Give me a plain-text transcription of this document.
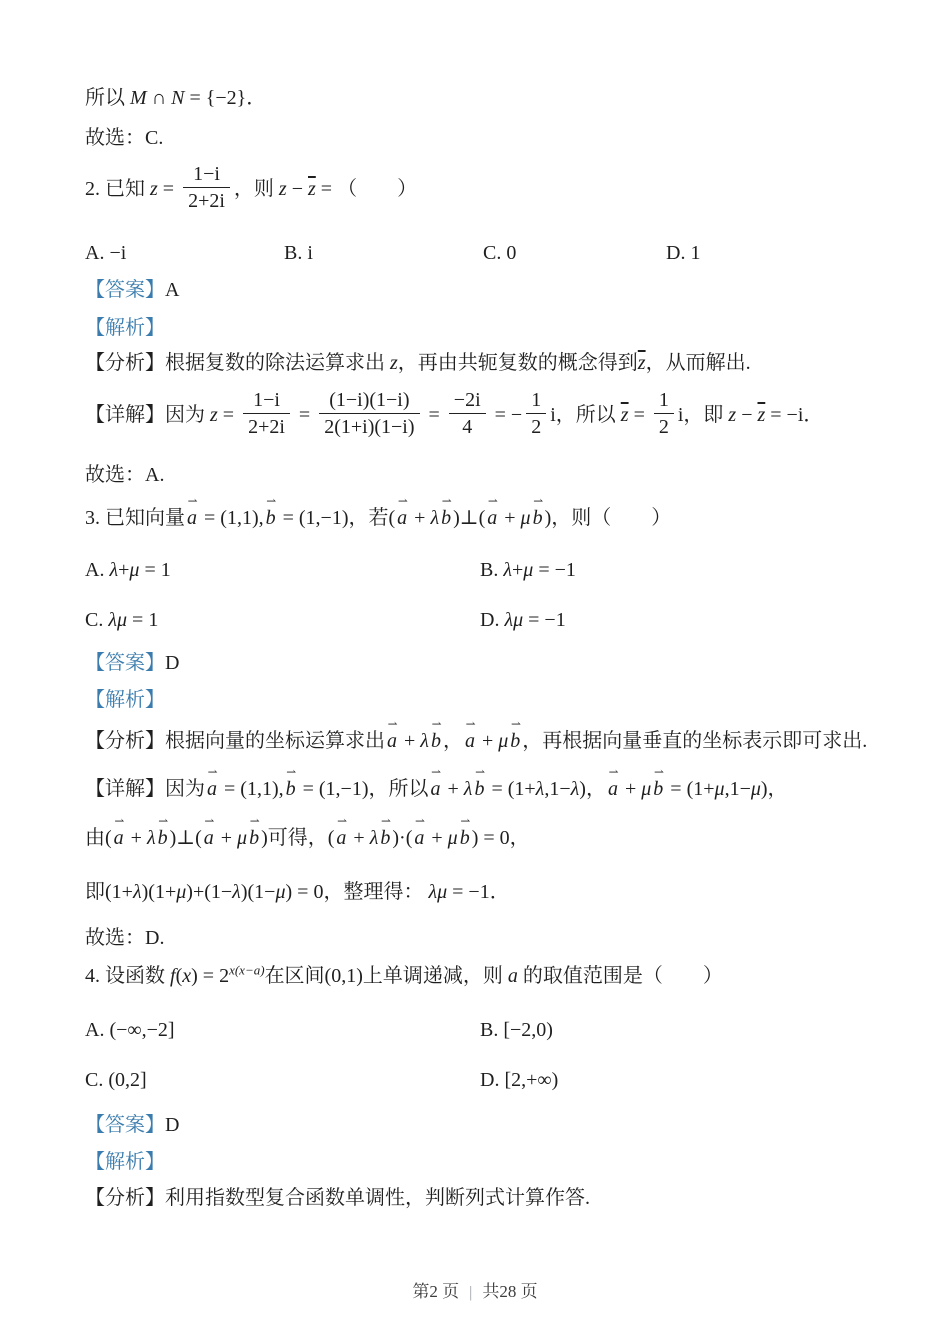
所以 M ∩ N = {−2}．
故选：C.
2. 已知 $z = \frac{1-i}{2+2i}$ ，则 $z - \overline{z}$ = （　　）
A. −i	B. i	C. 0	D. 1
【答案】A
【解析】
【分析】根据复数的除法运算求出 z，再由共轭复数的概念得到$\overline{z}$，从而解出.
【详解】因为 $z = \frac{1-i}{2+2i} = \frac{(1-i)(1-i)}{2(1+i)(1-i)} = \frac{-2i}{4}$ = − $\frac{1}{2}$ i，所以 $\overline{z} = \frac{1}{2}$ i，即 $z - \overline{z} = -i$．
故选：A.
3. 已知向量
⇀
a = (1,1),
⇀
b = (1,−1)，若(
⇀
a + λ
⇀
b )⊥(
⇀
a + μ
⇀
b )，则（　　）
A. λ+μ = 1	B. λ+μ = −1
C. λμ = 1	D. λμ = −1
【答案】D
【解析】
【分析】根据向量的坐标运算求出
⇀
a + λ
⇀
b ，
⇀
a + μ
⇀
b ，再根据向量垂直的坐标表示即可求出.
【详解】因为
⇀
a = (1,1),
⇀
b = (1,−1)，所以
⇀
a + λ
⇀
b = (1+λ,1−λ)，
⇀
a + μ
⇀
b = (1+μ,1−μ)，
由(
⇀
a + λ
⇀
b )⊥(
⇀
a + μ
⇀
b )可得，(
⇀
a + λ
⇀
b )·(
⇀
a + μ
⇀
b ) = 0，
即(1+λ)(1+μ)+(1−λ)(1−μ) = 0，整理得： λμ = −1．
故选：D.
4. 设函数 $f(x) = 2^{x(x-a)}$在区间(0,1)上单调递减，则 a 的取值范围是（　　）
A. (−∞,−2]	B. [−2,0)
C. (0,2]	D. [2,+∞)
【答案】D
【解析】
【分析】利用指数型复合函数单调性，判断列式计算作答.
第2 页 | 共28 页
